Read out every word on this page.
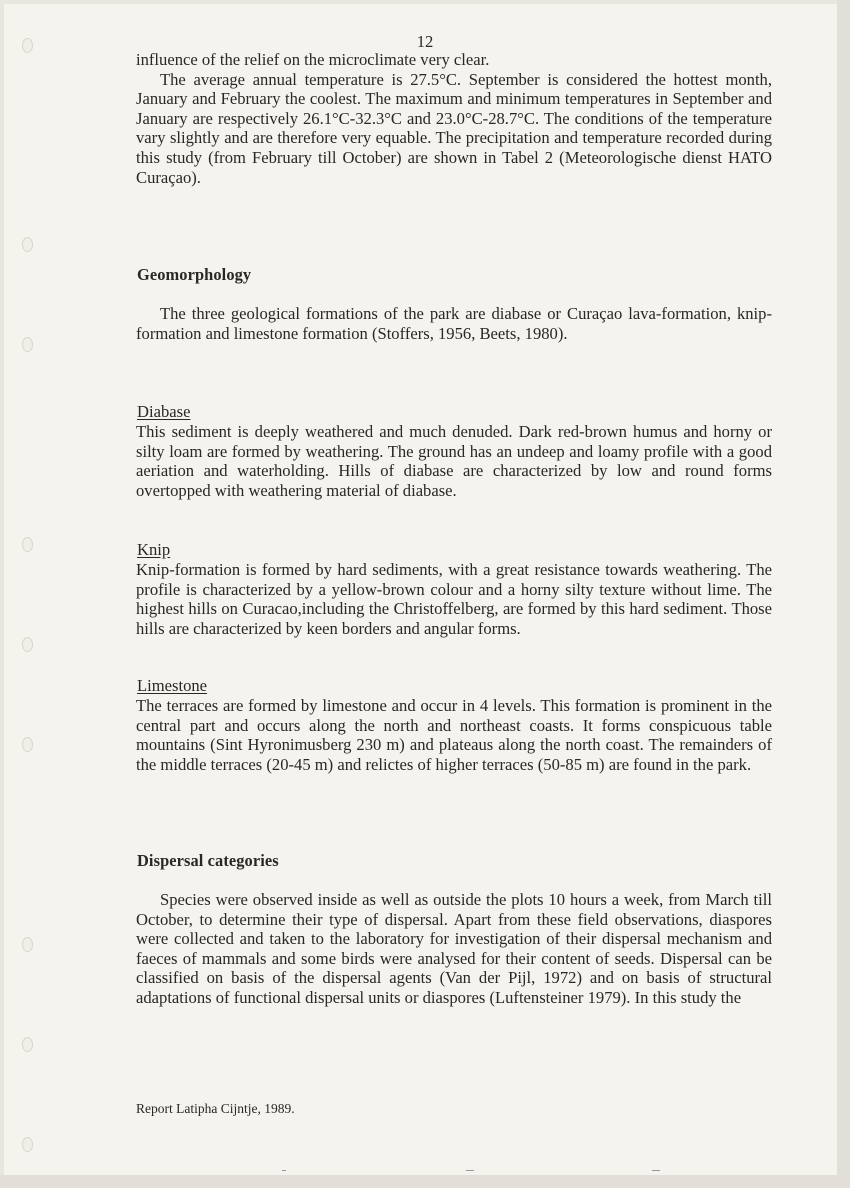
12

influence of the relief on the microclimate very clear.

The average annual temperature is 27.5°C. September is considered the hottest month, January and February the coolest. The maximum and minimum temperatures in September and January are respectively 26.1°C-32.3°C and 23.0°C-28.7°C. The conditions of the temperature vary slightly and are therefore very equable. The precipitation and temperature recorded during this study (from February till October) are shown in Tabel 2 (Meteorologische dienst HATO Curaçao).

Geomorphology

The three geological formations of the park are diabase or Curaçao lava-formation, knip-formation and limestone formation (Stoffers, 1956, Beets, 1980).

Diabase

This sediment is deeply weathered and much denuded. Dark red-brown humus and horny or silty loam are formed by weathering. The ground has an undeep and loamy profile with a good aeriation and waterholding. Hills of diabase are characterized by low and round forms overtopped with weathering material of diabase.

Knip

Knip-formation is formed by hard sediments, with a great resistance towards weathering. The profile is characterized by a yellow-brown colour and a horny silty texture without lime. The highest hills on Curacao,including the Christoffelberg, are formed by this hard sediment. Those hills are characterized by keen borders and angular forms.

Limestone

The terraces are formed by limestone and occur in 4 levels. This formation is prominent in the central part and occurs along the north and northeast coasts. It forms conspicuous table mountains (Sint Hyronimusberg 230 m) and plateaus along the north coast. The remainders of the middle terraces (20-45 m) and relictes of higher terraces (50-85 m) are found in the park.

Dispersal categories

Species were observed inside as well as outside the plots 10 hours a week, from March till October, to determine their type of dispersal. Apart from these field observations, diaspores were collected and taken to the laboratory for investigation of their dispersal mechanism and faeces of mammals and some birds were analysed for their content of seeds. Dispersal can be classified on basis of the dispersal agents (Van der Pijl, 1972) and on basis of structural adaptations of functional dispersal units or diaspores (Luftensteiner 1979). In this study the

Report Latipha Cijntje, 1989.
